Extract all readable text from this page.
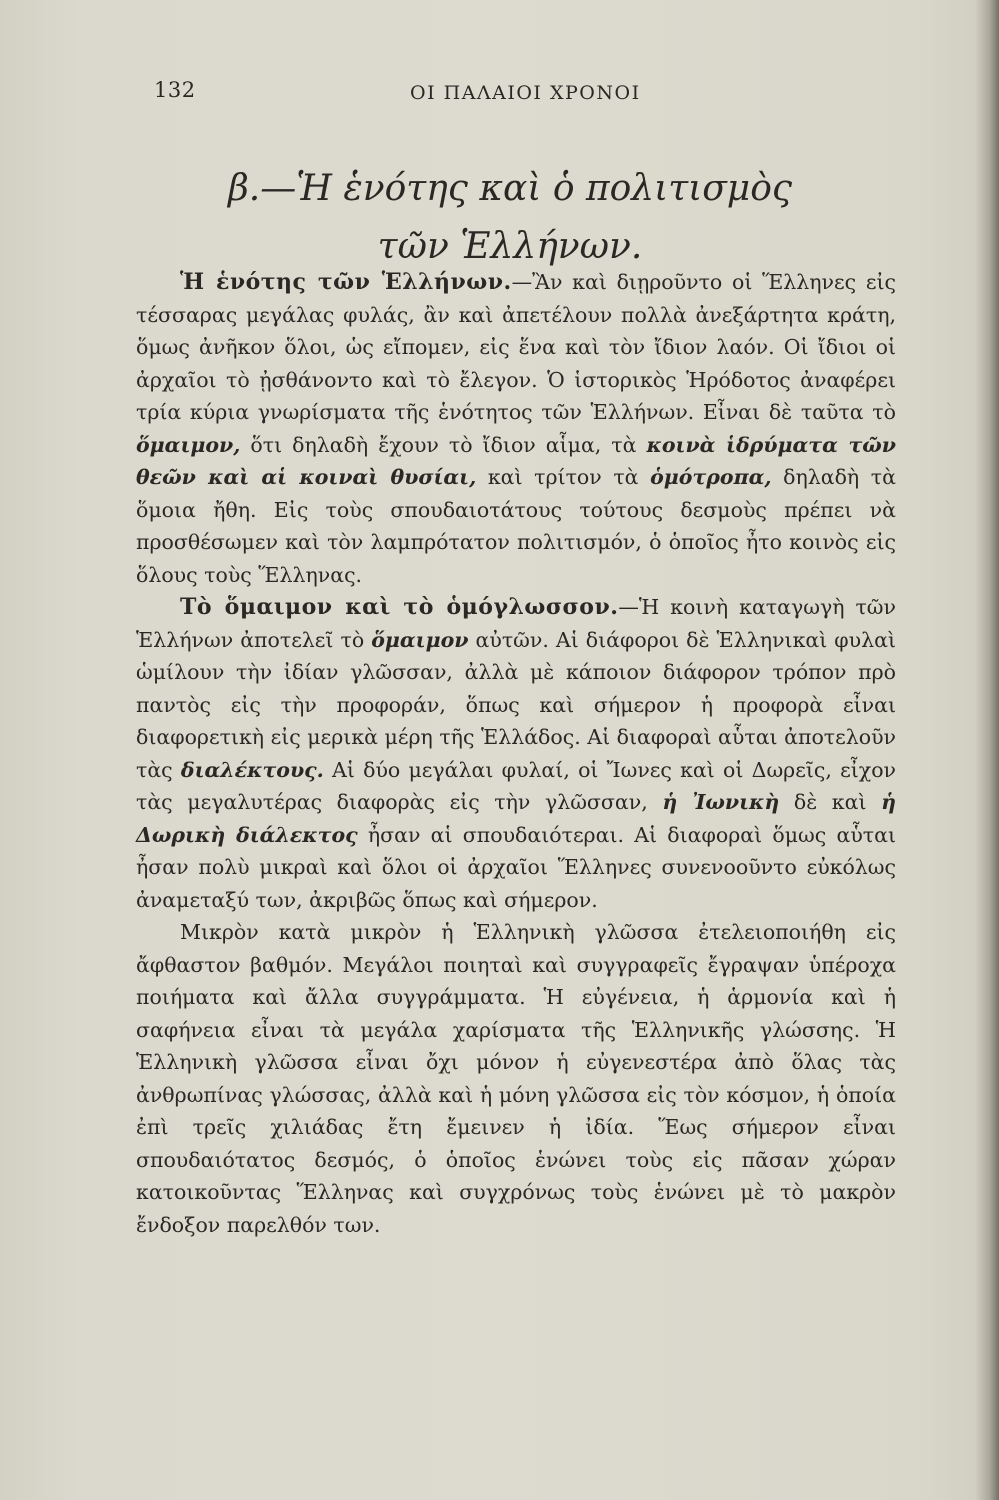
132	ΟΙ ΠΑΛΑΙΟΙ ΧΡΟΝΟΙ
β.—Ἡ ἑνότης καὶ ὁ πολιτισμὸς
τῶν Ἑλλήνων.

Ἡ ἑνότης τῶν Ἑλλήνων.—Ἂν καὶ διῃροῦντο οἱ Ἕλληνες εἰς τέσσαρας μεγάλας φυλάς, ἂν καὶ ἀπετέλουν πολλὰ ἀνεξάρτητα κράτη, ὅμως ἀνῆκον ὅλοι, ὡς εἴπομεν, εἰς ἕνα καὶ τὸν ἴδιον λαόν. Οἱ ἴδιοι οἱ ἀρχαῖοι τὸ ᾐσθάνοντο καὶ τὸ ἔλεγον. Ὁ ἱστορικὸς Ἡρόδοτος ἀναφέρει τρία κύρια γνωρίσματα τῆς ἑνότητος τῶν Ἑλλήνων. Εἶναι δὲ ταῦτα τὸ ὅμαιμον, ὅτι δηλαδὴ ἔχουν τὸ ἴδιον αἷμα, τὰ κοινὰ ἱδρύματα τῶν θεῶν καὶ αἱ κοιναὶ θυσίαι, καὶ τρίτον τὰ ὁμότροπα, δηλαδὴ τὰ ὅμοια ἤθη. Εἰς τοὺς σπουδαιοτάτους τούτους δεσμοὺς πρέπει νὰ προσθέσωμεν καὶ τὸν λαμπρότατον πολιτισμόν, ὁ ὁποῖος ἦτο κοινὸς εἰς ὅλους τοὺς Ἕλληνας.

Τὸ ὅμαιμον καὶ τὸ ὁμόγλωσσον.—Ἡ κοινὴ καταγωγὴ τῶν Ἑλλήνων ἀποτελεῖ τὸ ὅμαιμον αὐτῶν. Αἱ διάφοροι δὲ Ἑλληνικαὶ φυλαὶ ὡμίλουν τὴν ἰδίαν γλῶσσαν, ἀλλὰ μὲ κάποιον διάφορον τρόπον πρὸ παντὸς εἰς τὴν προφοράν, ὅπως καὶ σήμερον ἡ προφορὰ εἶναι διαφορετικὴ εἰς μερικὰ μέρη τῆς Ἑλλάδος. Αἱ διαφοραὶ αὗται ἀποτελοῦν τὰς διαλέκτους. Αἱ δύο μεγάλαι φυλαί, οἱ Ἴωνες καὶ οἱ Δωρεῖς, εἶχον τὰς μεγαλυτέρας διαφορὰς εἰς τὴν γλῶσσαν, ἡ Ἰωνικὴ δὲ καὶ ἡ Δωρικὴ διάλεκτος ἦσαν αἱ σπουδαιότεραι. Αἱ διαφοραὶ ὅμως αὗται ἦσαν πολὺ μικραὶ καὶ ὅλοι οἱ ἀρχαῖοι Ἕλληνες συνενοοῦντο εὐκόλως ἀναμεταξύ των, ἀκριβῶς ὅπως καὶ σήμερον.

Μικρὸν κατὰ μικρὸν ἡ Ἑλληνικὴ γλῶσσα ἐτελειοποιήθη εἰς ἄφθαστον βαθμόν. Μεγάλοι ποιηταὶ καὶ συγγραφεῖς ἔγραψαν ὑπέροχα ποιήματα καὶ ἄλλα συγγράμματα. Ἡ εὐγένεια, ἡ ἁρμονία καὶ ἡ σαφήνεια εἶναι τὰ μεγάλα χαρίσματα τῆς Ἑλληνικῆς γλώσσης. Ἡ Ἑλληνικὴ γλῶσσα εἶναι ὄχι μόνον ἡ εὐγενεστέρα ἀπὸ ὅλας τὰς ἀνθρωπίνας γλώσσας, ἀλλὰ καὶ ἡ μόνη γλῶσσα εἰς τὸν κόσμον, ἡ ὁποία ἐπὶ τρεῖς χιλιάδας ἔτη ἔμεινεν ἡ ἰδία. Ἕως σήμερον εἶναι σπουδαιότατος δεσμός, ὁ ὁποῖος ἑνώνει τοὺς εἰς πᾶσαν χώραν κατοικοῦντας Ἕλληνας καὶ συγχρόνως τοὺς ἑνώνει μὲ τὸ μακρὸν ἔνδοξον παρελθόν των.
